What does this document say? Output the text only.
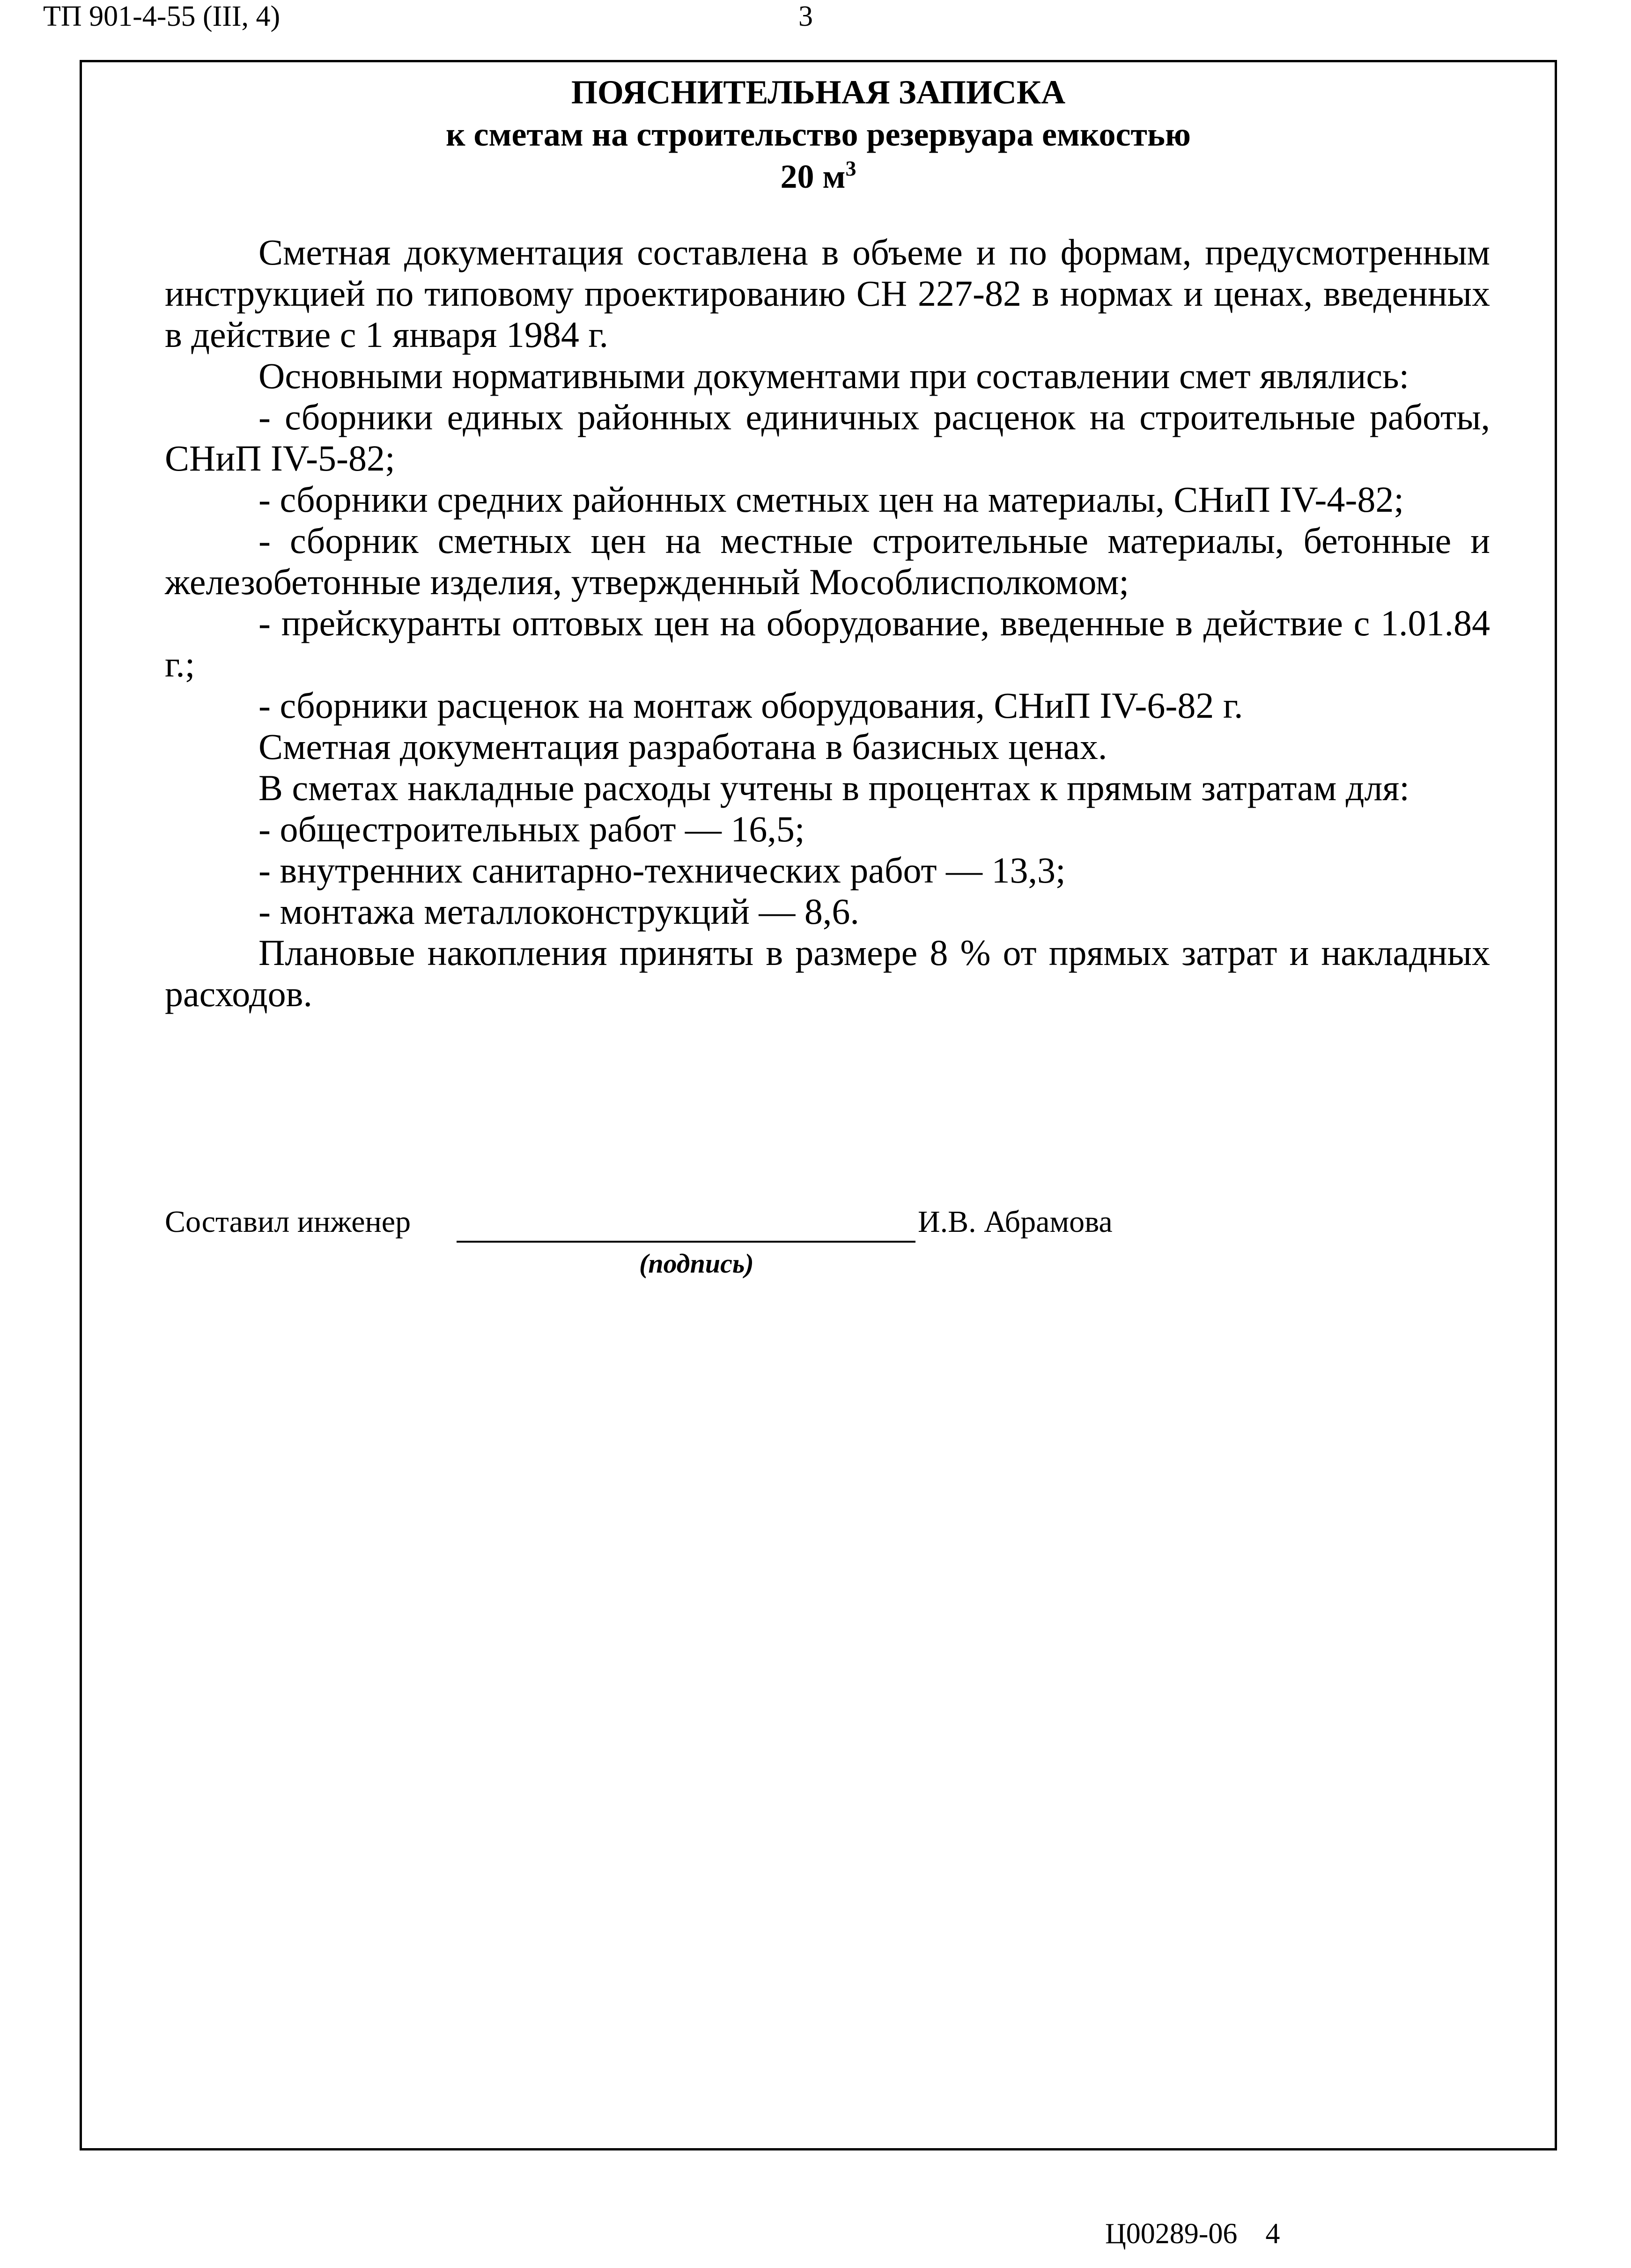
ТП 901-4-55 (III, 4)	3
ПОЯСНИТЕЛЬНАЯ ЗАПИСКА
к сметам на строительство резервуара емкостью
20 $м^3$

Сметная документация составлена в объеме и по формам, предусмотренным инструкцией по типовому проектированию СН 227-82 в нормах и ценах, введенных в действие с 1 января 1984 г.

Основными нормативными документами при составлении смет являлись:

- сборники единых районных единичных расценок на строительные работы, СНиП IV-5-82;

- сборники средних районных сметных цен на материалы, СНиП IV-4-82;

- сборник сметных цен на местные строительные материалы, бетонные и железобетонные изделия, утвержденный Мособлисполкомом;

- прейскуранты оптовых цен на оборудование, введенные в действие с 1.01.84 г.;

- сборники расценок на монтаж оборудования, СНиП IV-6-82 г.

Сметная документация разработана в базисных ценах.

В сметах накладные расходы учтены в процентах к прямым затратам для:

- общестроительных работ — 16,5;

- внутренних санитарно-технических работ — 13,3;

- монтажа металлоконструкций — 8,6.

Плановые накопления приняты в размере 8 % от прямых затрат и накладных расходов.

Составил инженер	И.В. Абрамова
(подпись)
Ц00289-06 4
